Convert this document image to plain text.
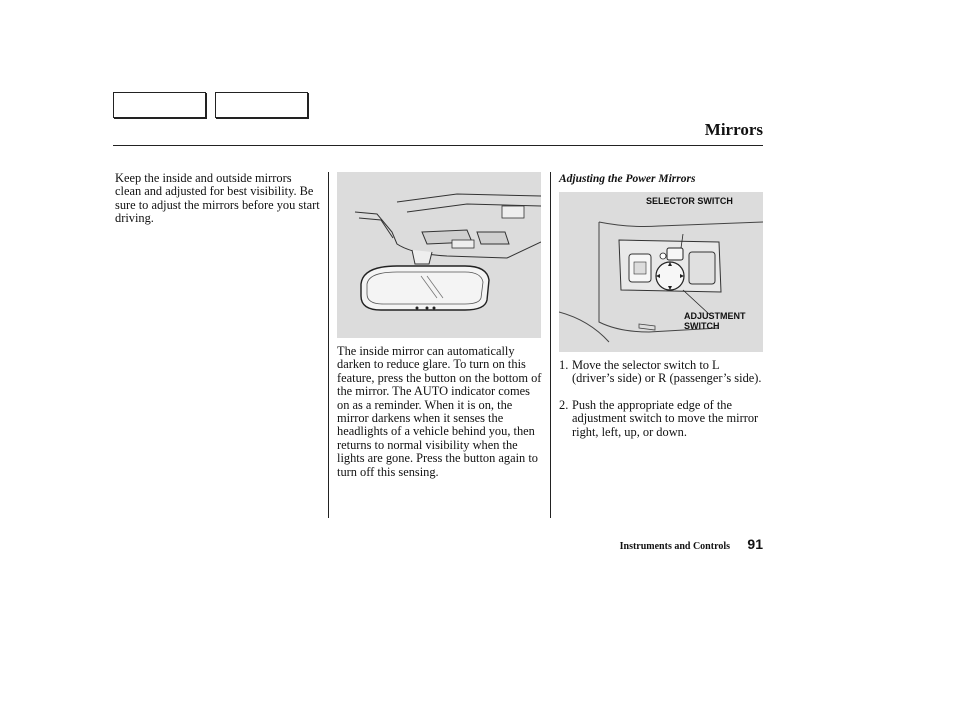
Mirrors

Keep the inside and outside mirrors clean and adjusted for best visibility. Be sure to adjust the mirrors before you start driving.

The inside mirror can automatically darken to reduce glare. To turn on this feature, press the button on the bottom of the mirror. The AUTO indicator comes on as a reminder. When it is on, the mirror darkens when it senses the headlights of a vehicle behind you, then returns to normal visibility when the lights are gone. Press the button again to turn off this sensing.

Adjusting the Power Mirrors
SELECTOR SWITCH
ADJUSTMENT
SWITCH
1. Move the selector switch to L (driver’s side) or R (passenger’s side).
2. Push the appropriate edge of the adjustment switch to move the mirror right, left, up, or down.
Instruments and Controls 91
